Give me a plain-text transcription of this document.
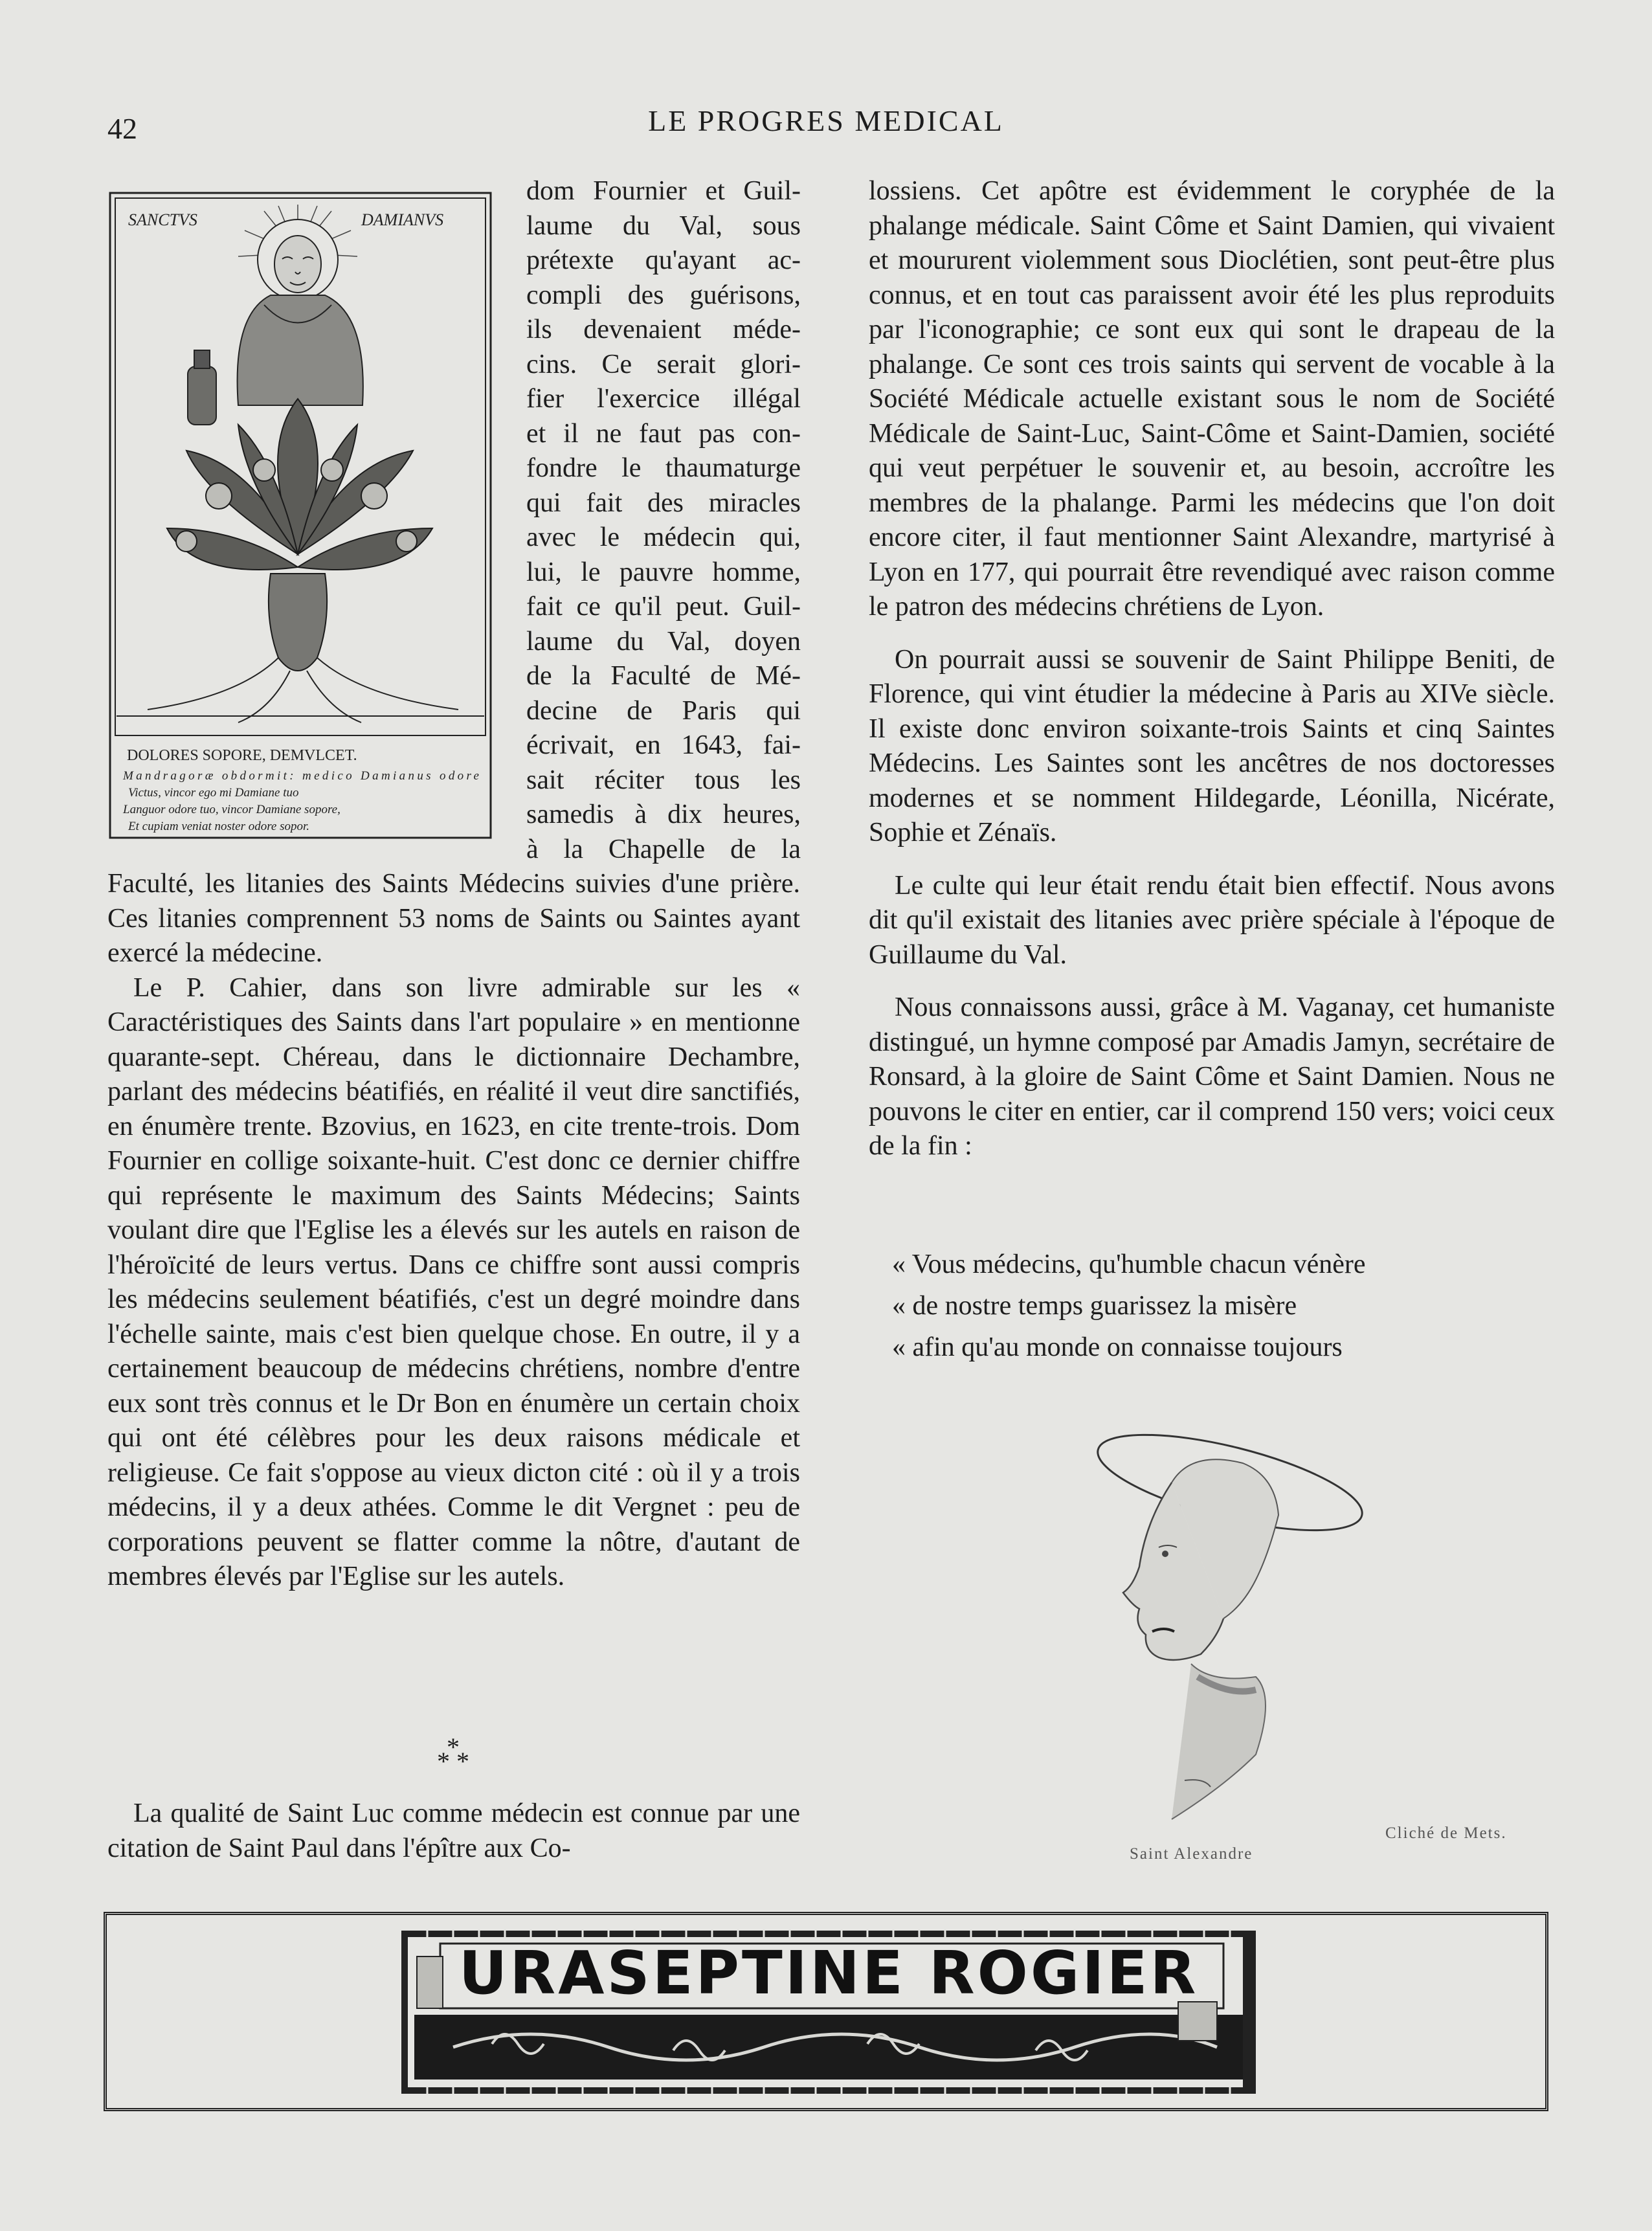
42	LE PROGRES MEDICAL
SANCTVS	DAMIANVS
DOLORES SOPORE, DEMVLCET.
Mandragoræ obdormit: medico Damianus odore
Victus, vincor ego mi Damiane tuo
Languor odore tuo, vincor Damiane sopore,
Et cupiam veniat noster odore sopor.
dom Fournier et Guil-
laume du Val, sous
prétexte qu'ayant ac-
compli des guérisons,
ils devenaient méde-
cins. Ce serait glori-
fier l'exercice illégal
et il ne faut pas con-
fondre le thaumaturge
qui fait des miracles
avec le médecin qui,
lui, le pauvre homme,
fait ce qu'il peut. Guil-
laume du Val, doyen
de la Faculté de Mé-
decine de Paris qui
écrivait, en 1643, fai-
sait réciter tous les
samedis à dix heures,
à la Chapelle de la

Faculté, les litanies des Saints Médecins suivies d'une prière. Ces litanies comprennent 53 noms de Saints ou Saintes ayant exercé la médecine.

Le P. Cahier, dans son livre admirable sur les « Caractéristiques des Saints dans l'art populaire » en mentionne quarante-sept. Chéreau, dans le dictionnaire Dechambre, parlant des médecins béatifiés, en réalité il veut dire sanctifiés, en énumère trente. Bzovius, en 1623, en cite trente-trois. Dom Fournier en collige soixante-huit. C'est donc ce dernier chiffre qui représente le maximum des Saints Médecins; Saints voulant dire que l'Eglise les a élevés sur les autels en raison de l'héroïcité de leurs vertus. Dans ce chiffre sont aussi compris les médecins seulement béatifiés, c'est un degré moindre dans l'échelle sainte, mais c'est bien quelque chose. En outre, il y a certainement beaucoup de médecins chrétiens, nombre d'entre eux sont très connus et le Dr Bon en énumère un certain choix qui ont été célèbres pour les deux raisons médicale et religieuse. Ce fait s'oppose au vieux dicton cité : où il y a trois médecins, il y a deux athées. Comme le dit Vergnet : peu de corporations peuvent se flatter comme la nôtre, d'autant de membres élevés par l'Eglise sur les autels.

*
* *

La qualité de Saint Luc comme médecin est connue par une citation de Saint Paul dans l'épître aux Co-

lossiens. Cet apôtre est évidemment le coryphée de la phalange médicale. Saint Côme et Saint Damien, qui vivaient et moururent violemment sous Dioclétien, sont peut-être plus connus, et en tout cas paraissent avoir été les plus reproduits par l'iconographie; ce sont eux qui sont le drapeau de la phalange. Ce sont ces trois saints qui servent de vocable à la Société Médicale actuelle existant sous le nom de Société Médicale de Saint-Luc, Saint-Côme et Saint-Damien, société qui veut perpétuer le souvenir et, au besoin, accroître les membres de la phalange. Parmi les médecins que l'on doit encore citer, il faut mentionner Saint Alexandre, martyrisé à Lyon en 177, qui pourrait être revendiqué avec raison comme le patron des médecins chrétiens de Lyon.

On pourrait aussi se souvenir de Saint Philippe Beniti, de Florence, qui vint étudier la médecine à Paris au XIVe siècle. Il existe donc environ soixante-trois Saints et cinq Saintes Médecins. Les Saintes sont les ancêtres de nos doctoresses modernes et se nomment Hildegarde, Léonilla, Nicérate, Sophie et Zénaïs.

Le culte qui leur était rendu était bien effectif. Nous avons dit qu'il existait des litanies avec prière spéciale à l'époque de Guillaume du Val.

Nous connaissons aussi, grâce à M. Vaganay, cet humaniste distingué, un hymne composé par Amadis Jamyn, secrétaire de Ronsard, à la gloire de Saint Côme et Saint Damien. Nous ne pouvons le citer en entier, car il comprend 150 vers; voici ceux de la fin :

« Vous médecins, qu'humble chacun vénère
« de nostre temps guarissez la misère
« afin qu'au monde on connaisse toujours
Saint Alexandre
Cliché de Mets.
URASEPTINE ROGIER
